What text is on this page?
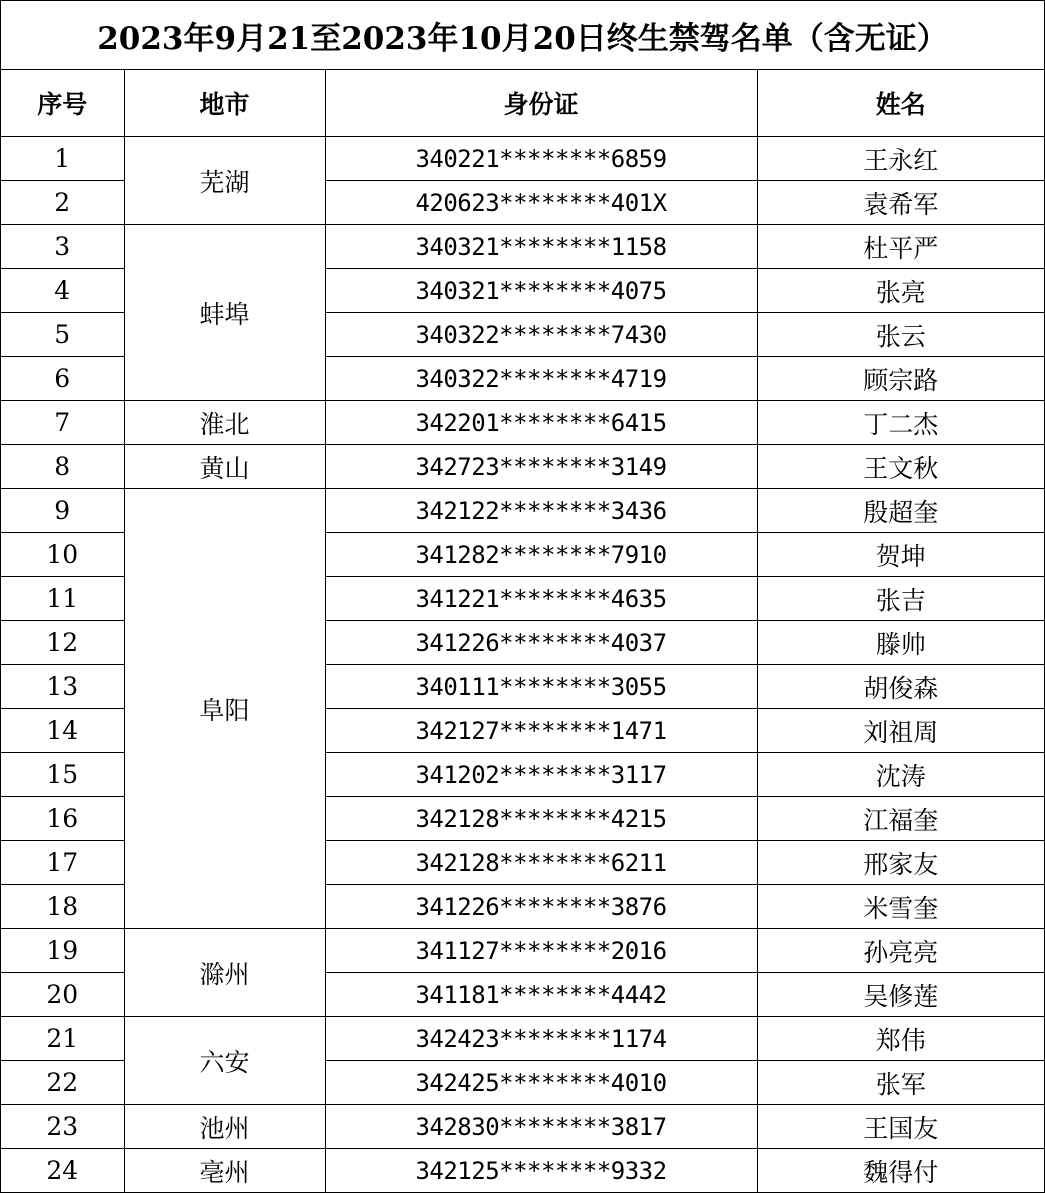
2023年9月21至2023年10月20日终生禁驾名单（含无证）
序号	地市	身份证	姓名
1	芜湖	340221********6859	王永红
2		420623********401X	袁希军
3	蚌埠	340321********1158	杜平严
4		340321********4075	张亮
5		340322********7430	张云
6		340322********4719	顾宗路
7	淮北	342201********6415	丁二杰
8	黄山	342723********3149	王文秋
9	阜阳	342122********3436	殷超奎
10		341282********7910	贺坤
11		341221********4635	张吉
12		341226********4037	滕帅
13		340111********3055	胡俊森
14		342127********1471	刘祖周
15		341202********3117	沈涛
16		342128********4215	江福奎
17		342128********6211	邢家友
18		341226********3876	米雪奎
19	滁州	341127********2016	孙亮亮
20		341181********4442	吴修莲
21	六安	342423********1174	郑伟
22		342425********4010	张军
23	池州	342830********3817	王国友
24	亳州	342125********9332	魏得付
